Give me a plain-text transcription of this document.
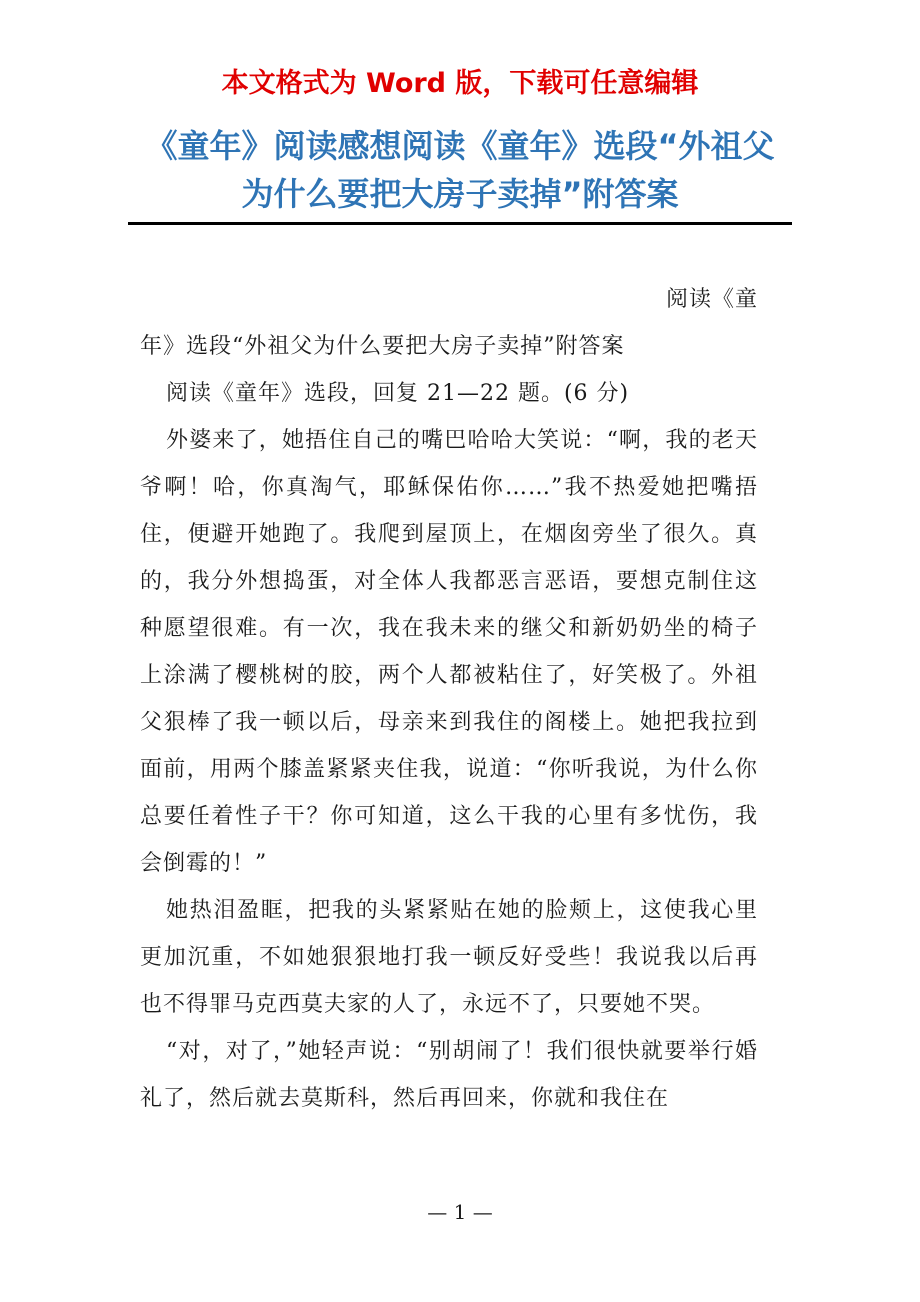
本文格式为 Word 版，下载可任意编辑
《童年》阅读感想阅读《童年》选段“外祖父为什么要把大房子卖掉”附答案

阅读《童

年》选段“外祖父为什么要把大房子卖掉”附答案

阅读《童年》选段，回复 21—22 题。(6 分)

外婆来了，她捂住自己的嘴巴哈哈大笑说：“啊，我的老天爷啊！哈，你真淘气，耶稣保佑你……”我不热爱她把嘴捂住，便避开她跑了。我爬到屋顶上，在烟囱旁坐了很久。真的，我分外想捣蛋，对全体人我都恶言恶语，要想克制住这种愿望很难。有一次，我在我未来的继父和新奶奶坐的椅子上涂满了樱桃树的胶，两个人都被粘住了，好笑极了。外祖父狠棒了我一顿以后，母亲来到我住的阁楼上。她把我拉到面前，用两个膝盖紧紧夹住我，说道：“你听我说，为什么你总要任着性子干？你可知道，这么干我的心里有多忧伤，我会倒霉的！”

她热泪盈眶，把我的头紧紧贴在她的脸颊上，这使我心里更加沉重，不如她狠狠地打我一顿反好受些！我说我以后再也不得罪马克西莫夫家的人了，永远不了，只要她不哭。

“对，对了，”她轻声说：“别胡闹了！我们很快就要举行婚礼了，然后就去莫斯科，然后再回来，你就和我住在

— 1 —
